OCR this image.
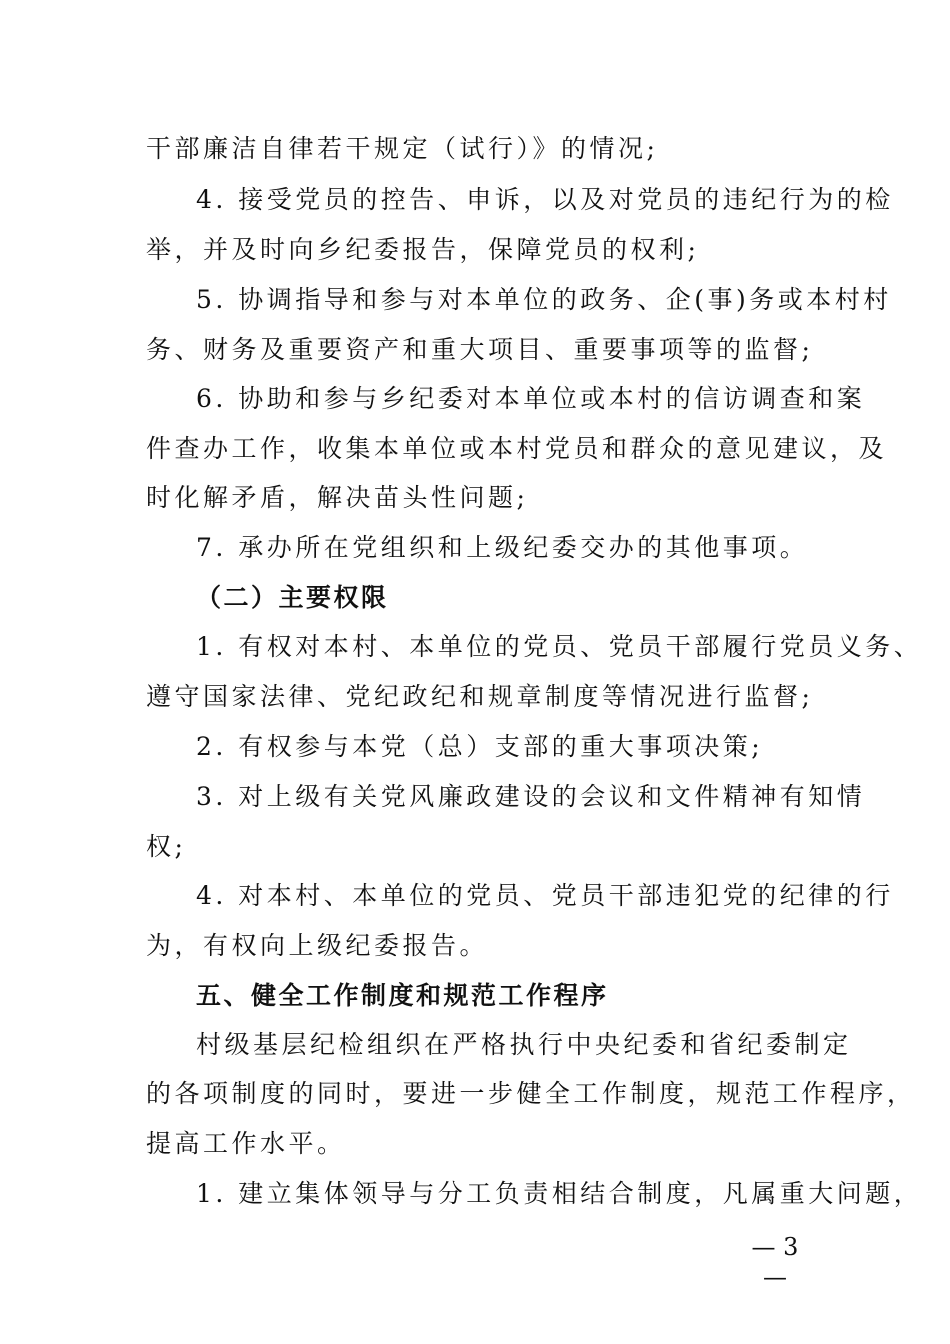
干部廉洁自律若干规定（试行）》的情况;
4. 接受党员的控告、申诉，以及对党员的违纪行为的检
举，并及时向乡纪委报告，保障党员的权利;
5. 协调指导和参与对本单位的政务、企(事)务或本村村
务、财务及重要资产和重大项目、重要事项等的监督;
6. 协助和参与乡纪委对本单位或本村的信访调查和案
件查办工作，收集本单位或本村党员和群众的意见建议，及
时化解矛盾，解决苗头性问题;
7. 承办所在党组织和上级纪委交办的其他事项。
（二）主要权限
1. 有权对本村、本单位的党员、党员干部履行党员义务、
遵守国家法律、党纪政纪和规章制度等情况进行监督;
2. 有权参与本党（总）支部的重大事项决策;
3. 对上级有关党风廉政建设的会议和文件精神有知情
权;
4. 对本村、本单位的党员、党员干部违犯党的纪律的行
为，有权向上级纪委报告。
五、健全工作制度和规范工作程序
村级基层纪检组织在严格执行中央纪委和省纪委制定
的各项制度的同时，要进一步健全工作制度，规范工作程序，
提高工作水平。
1. 建立集体领导与分工负责相结合制度，凡属重大问题，
— 3 —
